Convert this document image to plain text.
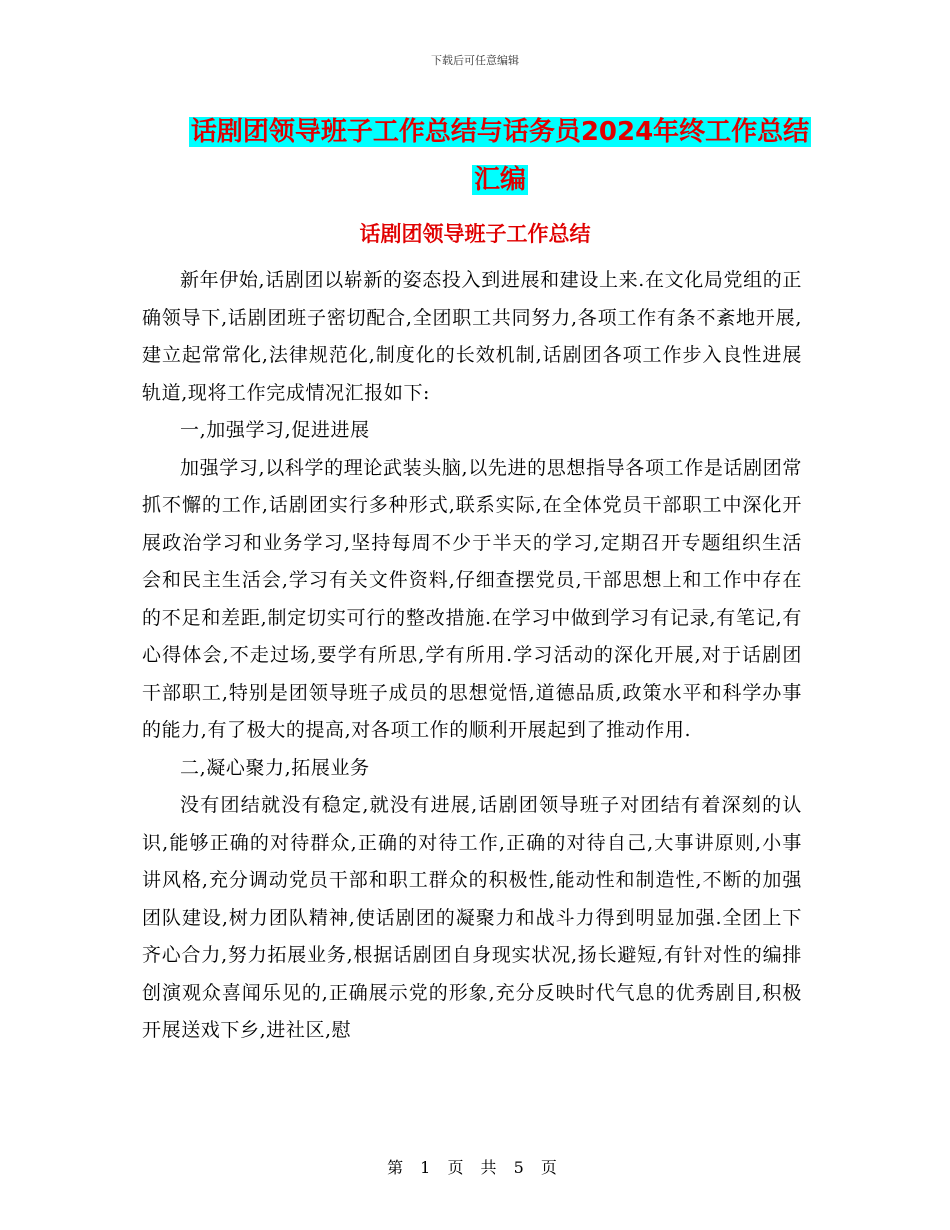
下载后可任意编辑
话剧团领导班子工作总结与话务员2024年终工作总结
汇编
话剧团领导班子工作总结

新年伊始,话剧团以崭新的姿态投入到进展和建设上来.在文化局党组的正确领导下,话剧团班子密切配合,全团职工共同努力,各项工作有条不紊地开展,建立起常常化,法律规范化,制度化的长效机制,话剧团各项工作步入良性进展轨道,现将工作完成情况汇报如下:

一,加强学习,促进进展

加强学习,以科学的理论武装头脑,以先进的思想指导各项工作是话剧团常抓不懈的工作,话剧团实行多种形式,联系实际,在全体党员干部职工中深化开展政治学习和业务学习,坚持每周不少于半天的学习,定期召开专题组织生活会和民主生活会,学习有关文件资料,仔细查摆党员,干部思想上和工作中存在的不足和差距,制定切实可行的整改措施.在学习中做到学习有记录,有笔记,有心得体会,不走过场,要学有所思,学有所用.学习活动的深化开展,对于话剧团干部职工,特别是团领导班子成员的思想觉悟,道德品质,政策水平和科学办事的能力,有了极大的提高,对各项工作的顺利开展起到了推动作用.

二,凝心聚力,拓展业务

没有团结就没有稳定,就没有进展,话剧团领导班子对团结有着深刻的认识,能够正确的对待群众,正确的对待工作,正确的对待自己,大事讲原则,小事讲风格,充分调动党员干部和职工群众的积极性,能动性和制造性,不断的加强团队建设,树力团队精神,使话剧团的凝聚力和战斗力得到明显加强.全团上下齐心合力,努力拓展业务,根据话剧团自身现实状况,扬长避短,有针对性的编排创演观众喜闻乐见的,正确展示党的形象,充分反映时代气息的优秀剧目,积极开展送戏下乡,进社区,慰

第 1 页 共 5 页
